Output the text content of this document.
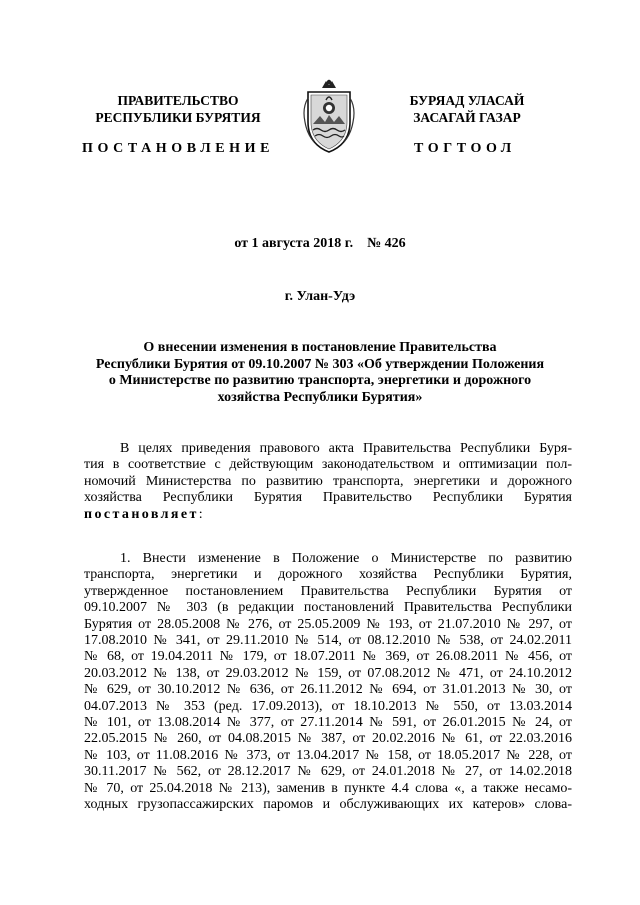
ПРАВИТЕЛЬСТВО
РЕСПУБЛИКИ БУРЯТИЯ
ПОСТАНОВЛЕНИЕ
БУРЯАД УЛАСАЙ
ЗАСАГАЙ ГАЗАР
ТОГТООЛ
от 1 августа 2018 г.    № 426
г. Улан-Удэ
О внесении изменения в постановление Правительства
Республики Бурятия от 09.10.2007 № 303 «Об утверждении Положения
о Министерстве по развитию транспорта, энергетики и дорожного
хозяйства Республики Бурятия»
В целях приведения правового акта Правительства Республики Буря-
тия в соответствие с действующим законодательством и оптимизации пол-
номочий Министерства по развитию транспорта, энергетики и дорожного
хозяйства Республики Бурятия Правительство Республики Бурятия
постановляет:
1. Внести изменение в Положение о Министерстве по развитию
транспорта, энергетики и дорожного хозяйства Республики Бурятия,
утвержденное постановлением Правительства Республики Бурятия от
09.10.2007 № 303 (в редакции постановлений Правительства Республики
Бурятия от 28.05.2008 № 276, от 25.05.2009 № 193, от 21.07.2010 № 297, от
17.08.2010 № 341, от 29.11.2010 № 514, от 08.12.2010 № 538, от 24.02.2011
№ 68, от 19.04.2011 № 179, от 18.07.2011 № 369, от 26.08.2011 № 456, от
20.03.2012 № 138, от 29.03.2012 № 159, от 07.08.2012 № 471, от 24.10.2012
№ 629, от 30.10.2012 № 636, от 26.11.2012 № 694, от 31.01.2013 № 30, от
04.07.2013 № 353 (ред. 17.09.2013), от 18.10.2013 № 550, от 13.03.2014
№ 101, от 13.08.2014 № 377, от 27.11.2014 № 591, от 26.01.2015 № 24, от
22.05.2015 № 260, от 04.08.2015 № 387, от 20.02.2016 № 61, от 22.03.2016
№ 103, от 11.08.2016 № 373, от 13.04.2017 № 158, от 18.05.2017 № 228, от
30.11.2017 № 562, от 28.12.2017 № 629, от 24.01.2018 № 27, от 14.02.2018
№ 70, от 25.04.2018 № 213), заменив в пункте 4.4 слова «, а также несамо-
ходных грузопассажирских паромов и обслуживающих их катеров» слова-
